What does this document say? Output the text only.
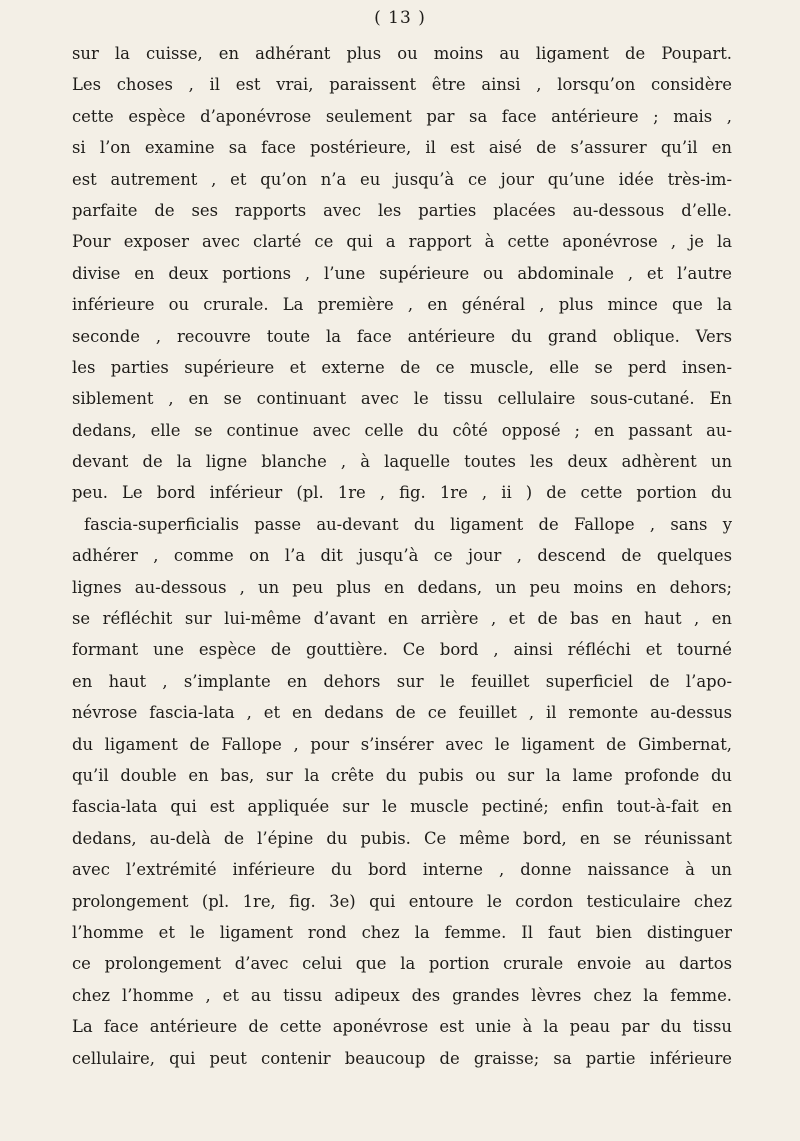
( 13 )
sur la cuisse, en adhérant plus ou moins au ligament de Poupart.
Les choses , il est vrai, paraissent être ainsi , lorsqu’on considère
cette espèce d’aponévrose seulement par sa face antérieure ; mais ,
si l’on examine sa face postérieure, il est aisé de s’assurer qu’il en
est autrement , et qu’on n’a eu jusqu’à ce jour qu’une idée très-im-
parfaite de ses rapports avec les parties placées au-dessous d’elle.
Pour exposer avec clarté ce qui a rapport à cette aponévrose , je la
divise en deux portions , l’une supérieure ou abdominale , et l’autre
inférieure ou crurale. La première , en général , plus mince que la
seconde , recouvre toute la face antérieure du grand oblique. Vers
les parties supérieure et externe de ce muscle, elle se perd insen-
siblement , en se continuant avec le tissu cellulaire sous-cutané. En
dedans, elle se continue avec celle du côté opposé ; en passant au-
devant de la ligne blanche , à laquelle toutes les deux adhèrent un
peu. Le bord inférieur (pl. 1re , fig. 1re , ii ) de cette portion du
fascia-superficialis passe au-devant du ligament de Fallope , sans y
adhérer , comme on l’a dit jusqu’à ce jour , descend de quelques
lignes au-dessous , un peu plus en dedans, un peu moins en dehors;
se réfléchit sur lui-même d’avant en arrière , et de bas en haut , en
formant une espèce de gouttière. Ce bord , ainsi réfléchi et tourné
en haut , s’implante en dehors sur le feuillet superficiel de l’apo-
névrose fascia-lata , et en dedans de ce feuillet , il remonte au-dessus
du ligament de Fallope , pour s’insérer avec le ligament de Gimbernat,
qu’il double en bas, sur la crête du pubis ou sur la lame profonde du
fascia-lata qui est appliquée sur le muscle pectiné; enfin tout-à-fait en
dedans, au-delà de l’épine du pubis. Ce même bord, en se réunissant
avec l’extrémité inférieure du bord interne , donne naissance à un
prolongement (pl. 1re, fig. 3e) qui entoure le cordon testiculaire chez
l’homme et le ligament rond chez la femme. Il faut bien distinguer
ce prolongement d’avec celui que la portion crurale envoie au dartos
chez l’homme , et au tissu adipeux des grandes lèvres chez la femme.
La face antérieure de cette aponévrose est unie à la peau par du tissu
cellulaire, qui peut contenir beaucoup de graisse; sa partie inférieure
